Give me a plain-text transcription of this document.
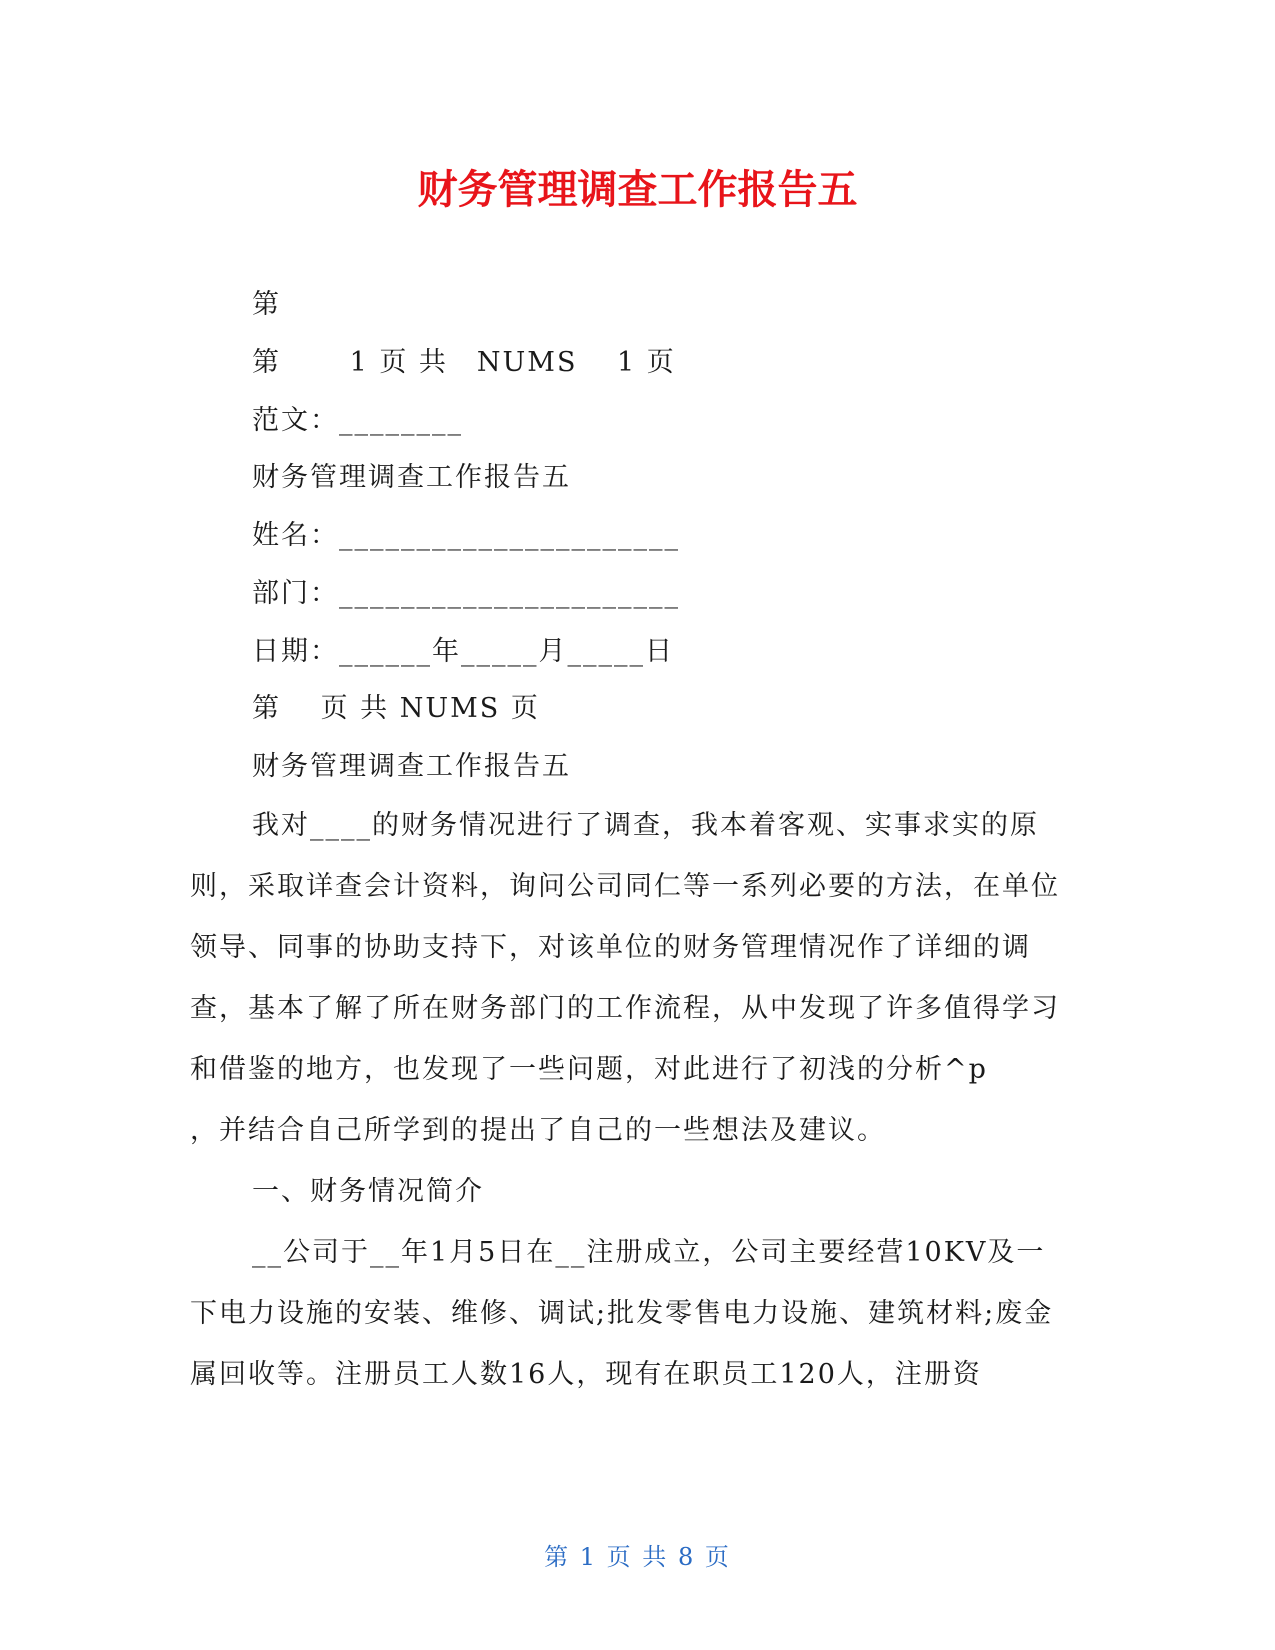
财务管理调查工作报告五
第
第　　 1 页 共　NUMS　 1 页
范文：________
财务管理调查工作报告五
姓名：______________________
部门：______________________
日期：______年_____月_____日
第　 页 共 NUMS 页
财务管理调查工作报告五

我对____的财务情况进行了调查，我本着客观、实事求实的原则，采取详查会计资料，询问公司同仁等一系列必要的方法，在单位领导、同事的协助支持下，对该单位的财务管理情况作了详细的调查，基本了解了所在财务部门的工作流程，从中发现了许多值得学习和借鉴的地方，也发现了一些问题，对此进行了初浅的分析^p

，并结合自己所学到的提出了自己的一些想法及建议。

一、财务情况简介

__公司于__年1月5日在__注册成立，公司主要经营10KV及一下电力设施的安装、维修、调试;批发零售电力设施、建筑材料;废金属回收等。注册员工人数16人，现有在职员工120人，注册资

第 1 页 共 8 页
